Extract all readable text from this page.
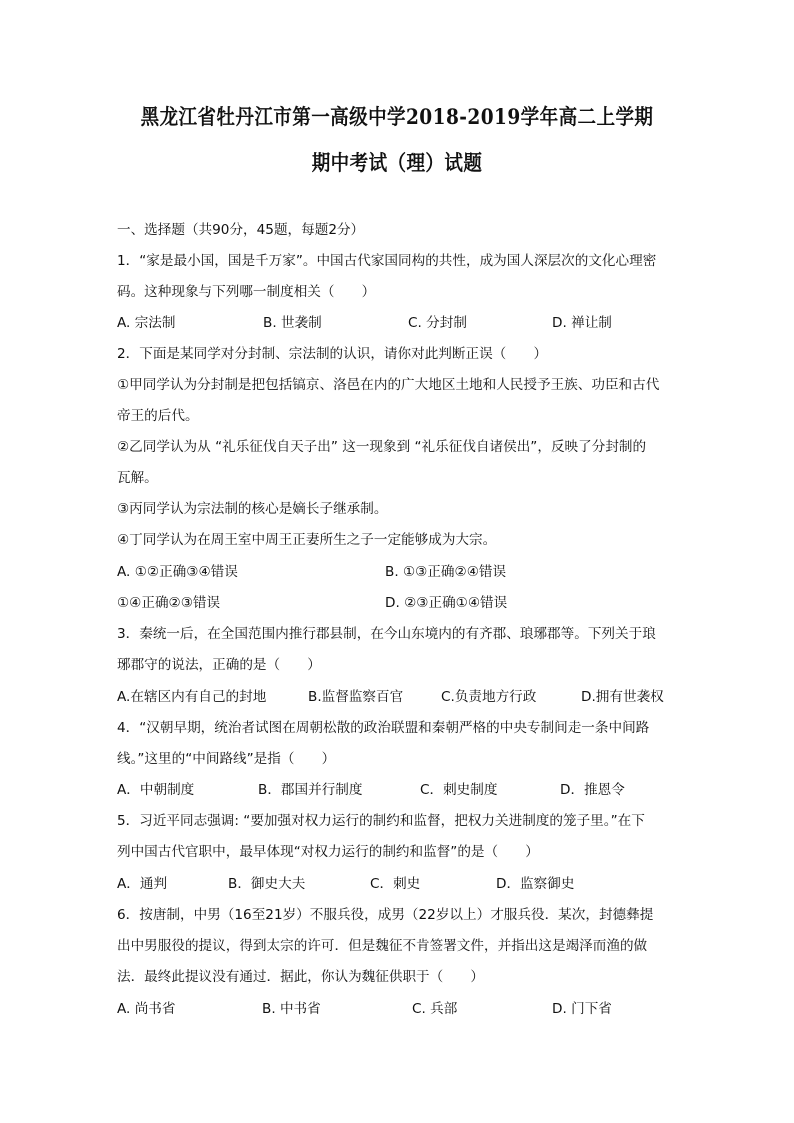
黑龙江省牡丹江市第一高级中学2018-2019学年高二上学期
期中考试（理）试题
一、选择题（共90分，45题，每题2分）
1．“家是最小国，国是千万家”。中国古代家国同构的共性，成为国人深层次的文化心理密
码。这种现象与下列哪一制度相关（　　）
A. 宗法制	B. 世袭制	C. 分封制	D. 禅让制
2．下面是某同学对分封制、宗法制的认识，请你对此判断正误（　　）
①甲同学认为分封制是把包括镐京、洛邑在内的广大地区土地和人民授予王族、功臣和古代
帝王的后代。
②乙同学认为从 “礼乐征伐自天子出” 这一现象到 “礼乐征伐自诸侯出”，反映了分封制的
瓦解。
③丙同学认为宗法制的核心是嫡长子继承制。
④丁同学认为在周王室中周王正妻所生之子一定能够成为大宗。
A. ①②正确③④错误	B. ①③正确②④错误
①④正确②③错误	D. ②③正确①④错误
3．秦统一后，在全国范围内推行郡县制，在今山东境内的有齐郡、琅琊郡等。下列关于琅
琊郡守的说法，正确的是（　　）
A.在辖区内有自己的封地	B.监督监察百官	C.负责地方行政	D.拥有世袭权
4．“汉朝早期，统治者试图在周朝松散的政治联盟和秦朝严格的中央专制间走一条中间路
线。”这里的“中间路线”是指（　　）
A．中朝制度	B．郡国并行制度	C．刺史制度	D．推恩令
5．习近平同志强调: “要加强对权力运行的制约和监督，把权力关进制度的笼子里。”在下
列中国古代官职中，最早体现“对权力运行的制约和监督”的是（　　）
A．通判	B．御史大夫	C．刺史	D．监察御史
6．按唐制，中男（16至21岁）不服兵役，成男（22岁以上）才服兵役．某次，封德彝提
出中男服役的提议，得到太宗的许可．但是魏征不肯签署文件，并指出这是竭泽而渔的做
法．最终此提议没有通过．据此，你认为魏征供职于（　　）
A. 尚书省	B. 中书省	C. 兵部	D. 门下省
